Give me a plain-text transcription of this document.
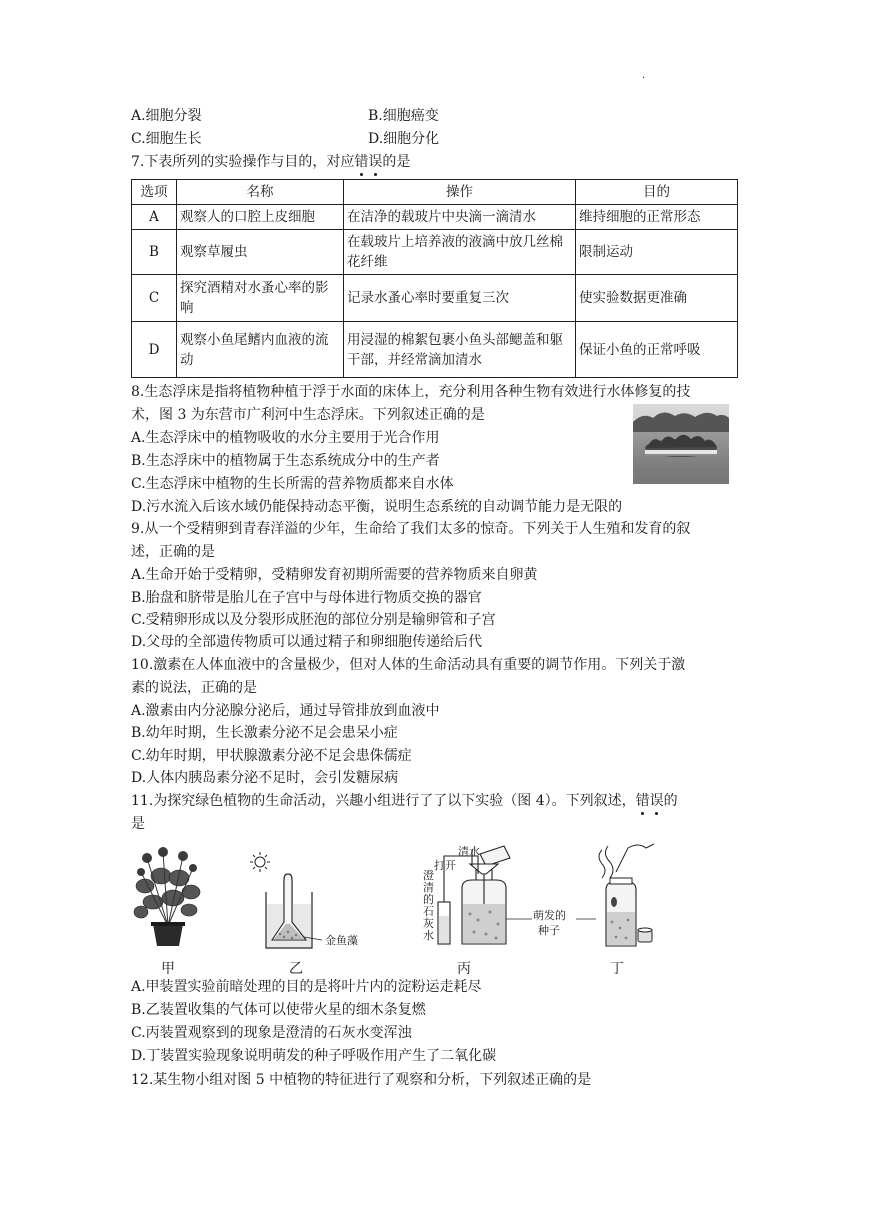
.
A.细胞分裂	B.细胞癌变
C.细胞生长	D.细胞分化
7.下表所列的实验操作与目的，对应错误的是
选项	名称	操作	目的
A	观察人的口腔上皮细胞	在洁净的载玻片中央滴一滴清水	维持细胞的正常形态
B	观察草履虫	在载玻片上培养液的液滴中放几丝棉花纤维	限制运动
C	探究酒精对水蚤心率的影响	记录水蚤心率时要重复三次	使实验数据更准确
D	观察小鱼尾鳍内血液的流动	用浸湿的棉絮包裹小鱼头部鳃盖和躯干部，并经常滴加清水	保证小鱼的正常呼吸
8.生态浮床是指将植物种植于浮于水面的床体上，充分利用各种生物有效进行水体修复的技
术，图 3 为东营市广利河中生态浮床。下列叙述正确的是
A.生态浮床中的植物吸收的水分主要用于光合作用
B.生态浮床中的植物属于生态系统成分中的生产者
C.生态浮床中植物的生长所需的营养物质都来自水体
D.污水流入后该水域仍能保持动态平衡，说明生态系统的自动调节能力是无限的
9.从一个受精卵到青春洋溢的少年，生命给了我们太多的惊奇。下列关于人生殖和发育的叙
述，正确的是
A.生命开始于受精卵，受精卵发育初期所需要的营养物质来自卵黄
B.胎盘和脐带是胎儿在子宫中与母体进行物质交换的器官
C.受精卵形成以及分裂形成胚泡的部位分别是输卵管和子宫
D.父母的全部遗传物质可以通过精子和卵细胞传递给后代
10.激素在人体血液中的含量极少，但对人体的生命活动具有重要的调节作用。下列关于激
素的说法，正确的是
A.激素由内分泌腺分泌后，通过导管排放到血液中
B.幼年时期，生长激素分泌不足会患呆小症
C.幼年时期，甲状腺激素分泌不足会患侏儒症
D.人体内胰岛素分泌不足时，会引发糖尿病
11.为探究绿色植物的生命活动，兴趣小组进行了了以下实验（图 4）。下列叙述，错误的
是
甲
金鱼藻
乙
清水
打开
澄清的石灰水
丙
萌发的
种子
丁
A.甲装置实验前暗处理的目的是将叶片内的淀粉运走耗尽
B.乙装置收集的气体可以使带火星的细木条复燃
C.丙装置观察到的现象是澄清的石灰水变浑浊
D.丁装置实验现象说明萌发的种子呼吸作用产生了二氧化碳
12.某生物小组对图 5 中植物的特征进行了观察和分析，下列叙述正确的是
